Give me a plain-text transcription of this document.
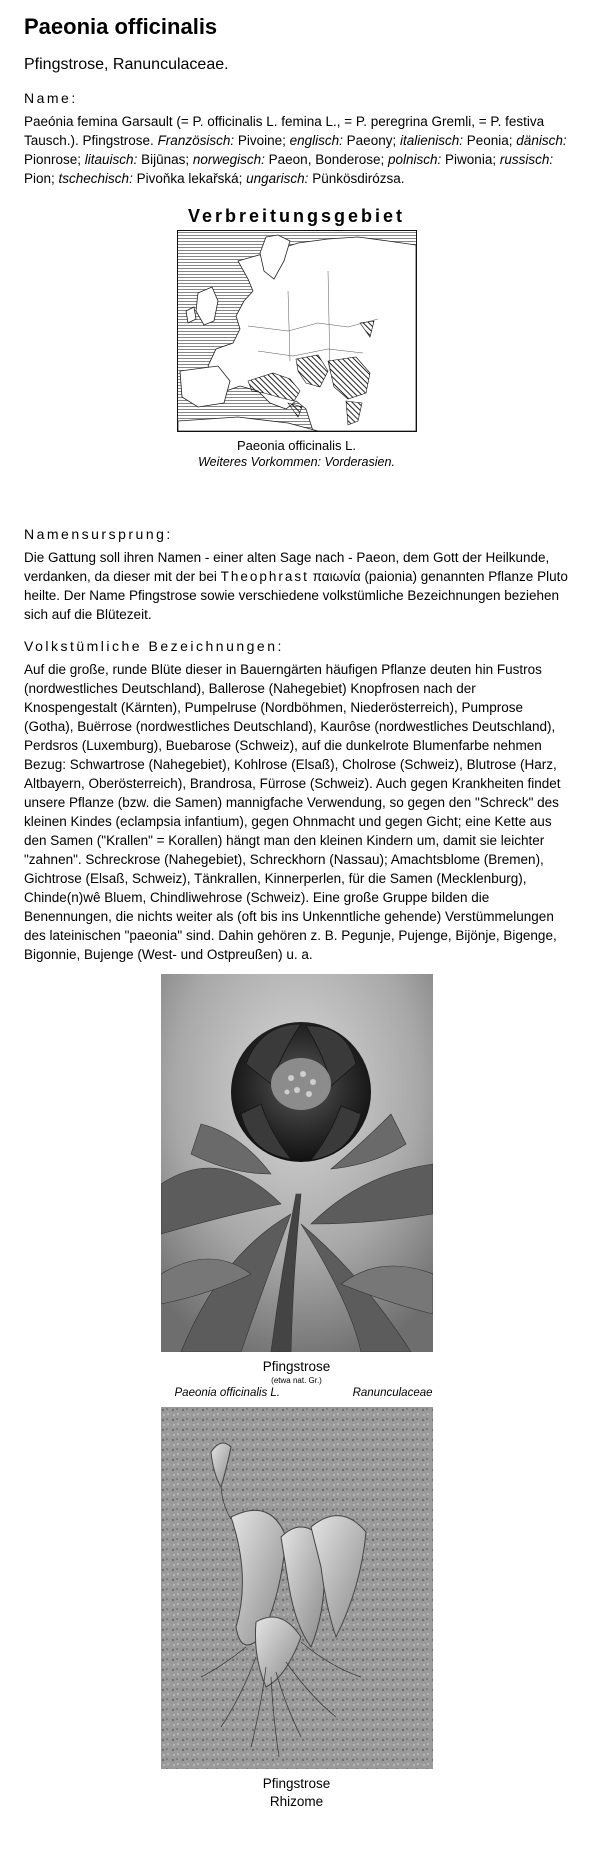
Paeonia officinalis
Pfingstrose, Ranunculaceae.
Name:
Paeónia femina Garsault (= P. officinalis L. femina L., = P. peregrina Gremli, = P. festiva Tausch.). Pfingstrose. Französisch: Pivoine; englisch: Paeony; italienisch: Peonia; dänisch: Pionrose; litauisch: Bijūnas; norwegisch: Paeon, Bonderose; polnisch: Piwonia; russisch: Pion; tschechisch: Pivoňka lekařská; ungarisch: Pünkösdirózsa.
Verbreitungsgebiet
Paeonia officinalis L.
Weiteres Vorkommen: Vorderasien.
Namensursprung:
Die Gattung soll ihren Namen - einer alten Sage nach - Paeon, dem Gott der Heilkunde, verdanken, da dieser mit der bei Theophrast παιωνία (paionia) genannten Pflanze Pluto heilte. Der Name Pfingstrose sowie verschiedene volkstümliche Bezeichnungen beziehen sich auf die Blütezeit.
Volkstümliche Bezeichnungen:
Auf die große, runde Blüte dieser in Bauerngärten häufigen Pflanze deuten hin Fustros (nordwestliches Deutschland), Ballerose (Nahegebiet) Knopfrosen nach der Knospengestalt (Kärnten), Pumpelruse (Nordböhmen, Niederösterreich), Pumprose (Gotha), Buërrose (nordwestliches Deutschland), Kaurôse (nordwestliches Deutschland), Perdsros (Luxemburg), Buebarose (Schweiz), auf die dunkelrote Blumenfarbe nehmen Bezug: Schwartrose (Nahegebiet), Kohlrose (Elsaß), Cholrose (Schweiz), Blutrose (Harz, Altbayern, Oberösterreich), Brandrosa, Fürrose (Schweiz). Auch gegen Krankheiten findet unsere Pflanze (bzw. die Samen) mannigfache Verwendung, so gegen den "Schreck" des kleinen Kindes (eclampsia infantium), gegen Ohnmacht und gegen Gicht; eine Kette aus den Samen ("Krallen" = Korallen) hängt man den kleinen Kindern um, damit sie leichter "zahnen". Schreckrose (Nahegebiet), Schreckhorn (Nassau); Amachtsblome (Bremen), Gichtrose (Elsaß, Schweiz), Tänkrallen, Kinnerperlen, für die Samen (Mecklenburg), Chinde(n)wê Bluem, Chindliwehrose (Schweiz). Eine große Gruppe bilden die Benennungen, die nichts weiter als (oft bis ins Unkenntliche gehende) Verstümmelungen des lateinischen "paeonia" sind. Dahin gehören z. B. Pegunje, Pujenge, Bijönje, Bigenge, Bigonnie, Bujenge (West- und Ostpreußen) u. a.
Pfingstrose
(etwa nat. Gr.)
Paeonia officinalis L.	Ranunculaceae
Pfingstrose
Rhizome
